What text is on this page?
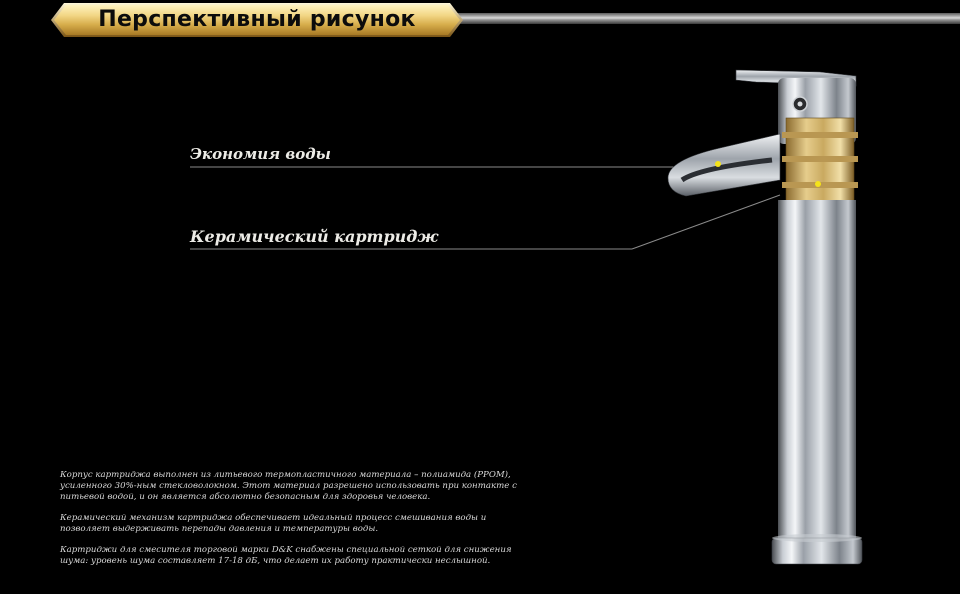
Перспективный рисунок
Экономия воды
Керамический картридж

Корпус картриджа выполнен из литьевого термопластичного материала – полиамида (PPOM), усиленного 30%-ным стекловолокном. Этот материал разрешено использовать при контакте с питьевой водой, и он является абсолютно безопасным для здоровья человека.

Керамический механизм картриджа обеспечивает идеальный процесс смешивания воды и позволяет выдерживать перепады давления и температуры воды.

Картриджи для смесителя торговой марки D&K снабжены специальной сеткой для снижения шума: уровень шума составляет 17-18 дБ, что делает их работу практически неслышной.
